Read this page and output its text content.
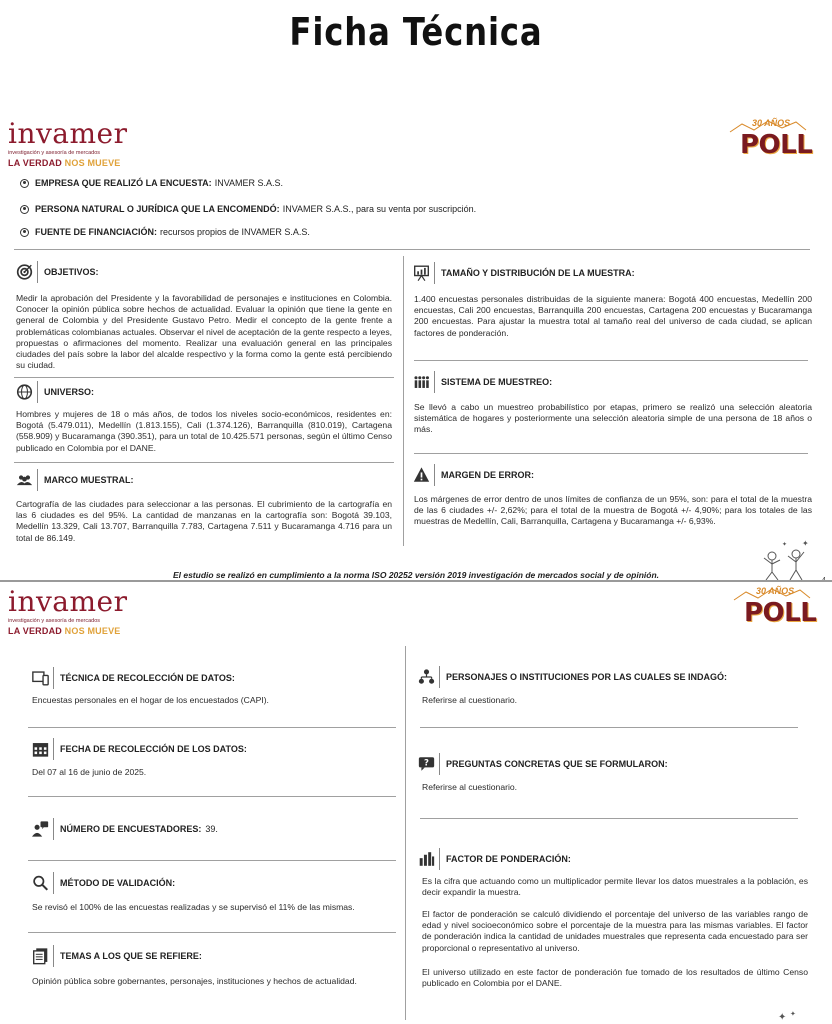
Ficha Técnica
invamer
investigación y asesoría de mercados
LA VERDAD NOS MUEVE
30 AÑOS
POLL
EMPRESA QUE REALIZÓ LA ENCUESTA: INVAMER S.A.S.
PERSONA NATURAL O JURÍDICA QUE LA ENCOMENDÓ: INVAMER S.A.S., para su venta por suscripción.
FUENTE DE FINANCIACIÓN: recursos propios de INVAMER S.A.S.
OBJETIVOS:
Medir la aprobación del Presidente y la favorabilidad de personajes e instituciones en Colombia. Conocer la opinión pública sobre hechos de actualidad. Evaluar la opinión que tiene la gente en general de Colombia y del Presidente Gustavo Petro. Medir el concepto de la gente frente a problemáticas colombianas actuales. Observar el nivel de aceptación de la gente respecto a leyes, propuestas o afirmaciones del momento. Realizar una evaluación general en las principales ciudades del país sobre la labor del alcalde respectivo y la forma como la gente está percibiendo su ciudad.
UNIVERSO:
Hombres y mujeres de 18 o más años, de todos los niveles socio-económicos, residentes en: Bogotá (5.479.011), Medellín (1.813.155), Cali (1.374.126), Barranquilla (810.019), Cartagena (558.909) y Bucaramanga (390.351), para un total de 10.425.571 personas, según el último Censo publicado en Colombia por el DANE.
MARCO MUESTRAL:
Cartografía de las ciudades para seleccionar a las personas. El cubrimiento de la cartografía en las 6 ciudades es del 95%. La cantidad de manzanas en la cartografía son: Bogotá 39.103, Medellín 13.329, Cali 13.707, Barranquilla 7.783, Cartagena 7.511 y Bucaramanga 4.716 para un total de 86.149.
TAMAÑO Y DISTRIBUCIÓN DE LA MUESTRA:
1.400 encuestas personales distribuidas de la siguiente manera: Bogotá 400 encuestas, Medellín 200 encuestas, Cali 200 encuestas, Barranquilla 200 encuestas, Cartagena 200 encuestas y Bucaramanga 200 encuestas. Para ajustar la muestra total al tamaño real del universo de cada ciudad, se aplican factores de ponderación.
SISTEMA DE MUESTREO:
Se llevó a cabo un muestreo probabilístico por etapas, primero se realizó una selección aleatoria sistemática de hogares y posteriormente una selección aleatoria simple de una persona de 18 años o más.
MARGEN DE ERROR:
Los márgenes de error dentro de unos límites de confianza de un 95%, son: para el total de la muestra de las 6 ciudades +/- 2,62%; para el total de la muestra de Bogotá +/- 4,90%; para los totales de las muestras de Medellín, Cali, Barranquilla, Cartagena y Bucaramanga +/- 6,93%.
✦
✦
El estudio se realizó en cumplimiento a la norma ISO 20252 versión 2019 investigación de mercados social y de opinión.
invamer
investigación y asesoría de mercados
LA VERDAD NOS MUEVE
30 AÑOS
POLL
TÉCNICA DE RECOLECCIÓN DE DATOS:
Encuestas personales en el hogar de los encuestados (CAPI).
FECHA DE RECOLECCIÓN DE LOS DATOS:
Del 07 al 16 de junio de 2025.
NÚMERO DE ENCUESTADORES: 39.
MÉTODO DE VALIDACIÓN:
Se revisó el 100% de las encuestas realizadas y se supervisó el 11% de las mismas.
TEMAS A LOS QUE SE REFIERE:
Opinión pública sobre gobernantes, personajes, instituciones y hechos de actualidad.
PERSONAJES O INSTITUCIONES POR LAS CUALES SE INDAGÓ:
Referirse al cuestionario.
? PREGUNTAS CONCRETAS QUE SE FORMULARON:
Referirse al cuestionario.
FACTOR DE PONDERACIÓN:
Es la cifra que actuando como un multiplicador permite llevar los datos muestrales a la población, es decir expandir la muestra.
El factor de ponderación se calculó dividiendo el porcentaje del universo de las variables rango de edad y nivel socioeconómico sobre el porcentaje de la muestra para las mismas variables. El factor de ponderación indica la cantidad de unidades muestrales que representa cada encuestado para ser proporcional o representativo al universo.
El universo utilizado en este factor de ponderación fue tomado de los resultados de último Censo publicado en Colombia por el DANE.
✦ ✦
